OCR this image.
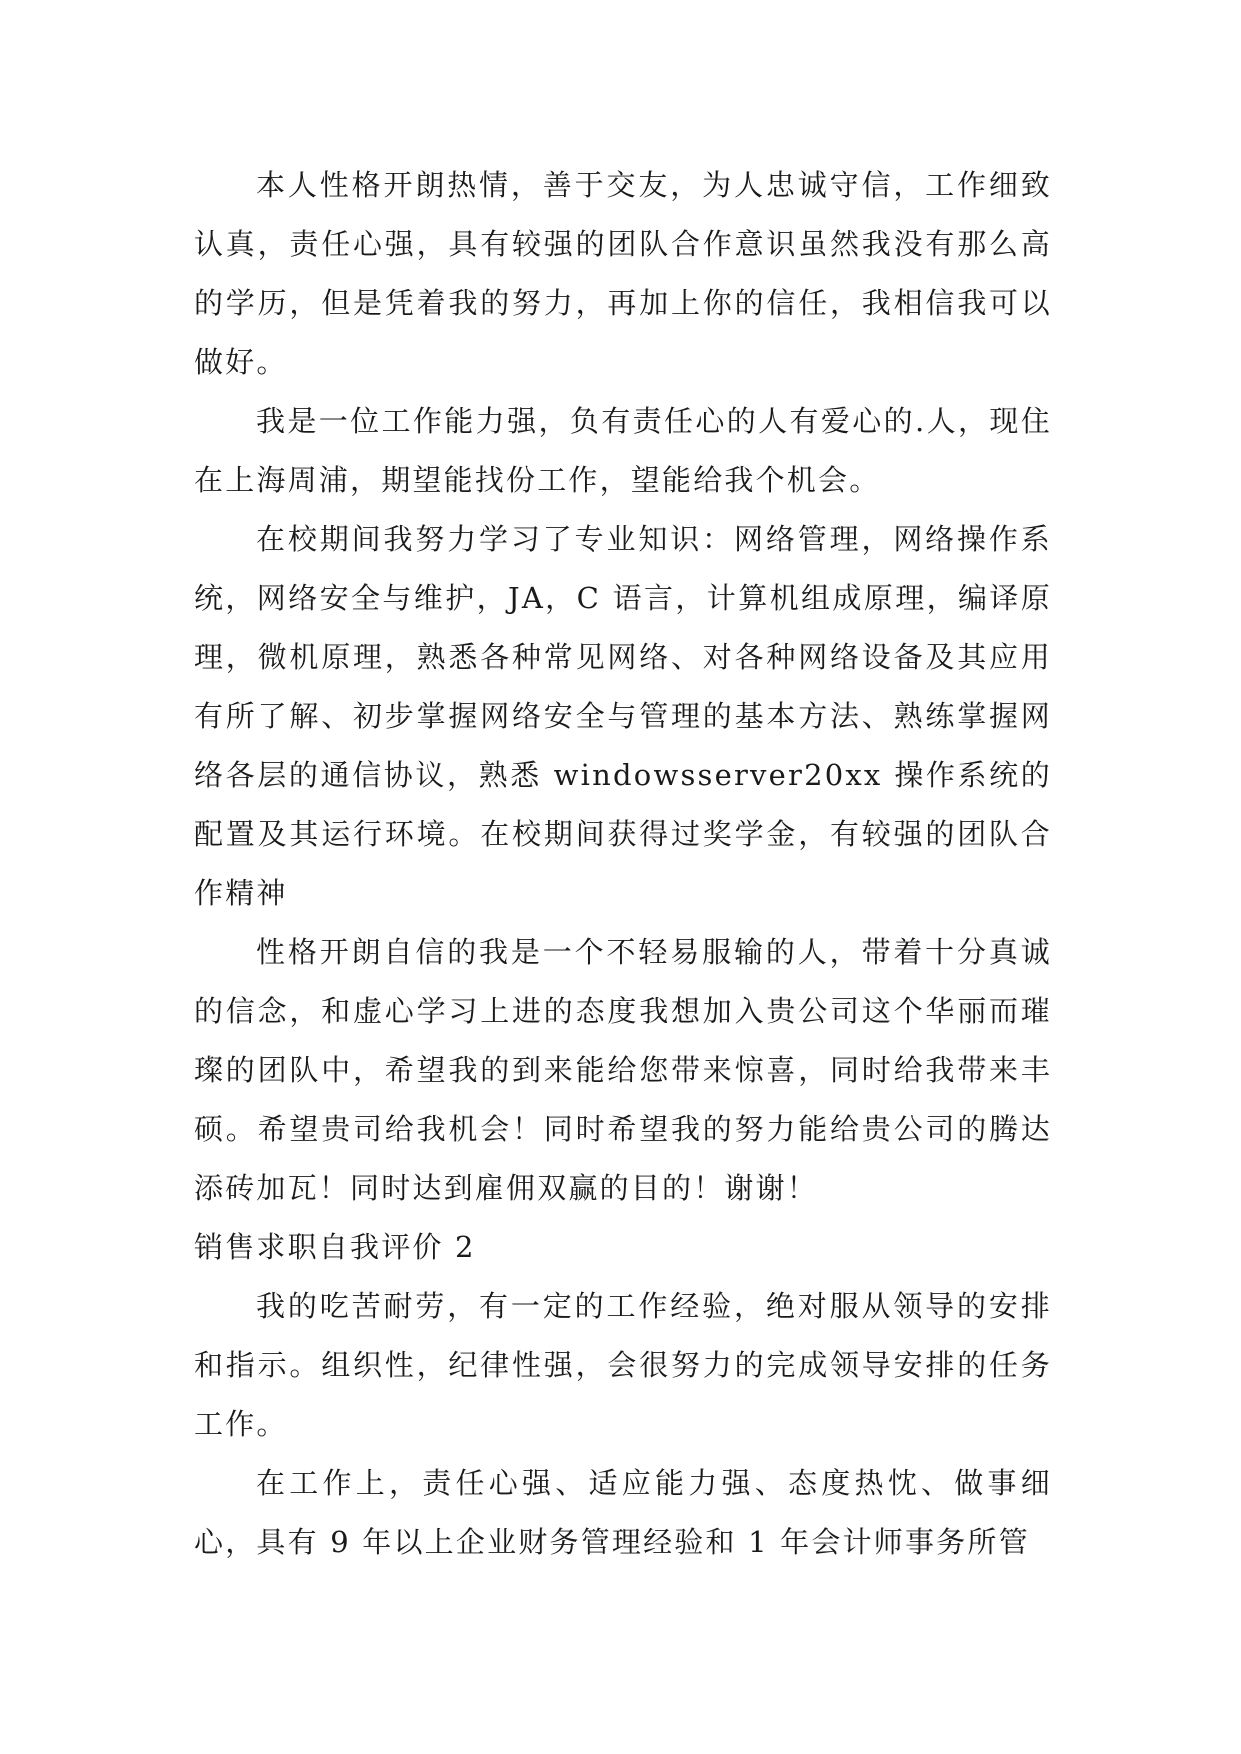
本人性格开朗热情，善于交友，为人忠诚守信，工作细致认真，责任心强，具有较强的团队合作意识虽然我没有那么高的学历，但是凭着我的努力，再加上你的信任，我相信我可以做好。

我是一位工作能力强，负有责任心的人有爱心的.人，现住在上海周浦，期望能找份工作，望能给我个机会。

在校期间我努力学习了专业知识：网络管理，网络操作系统，网络安全与维护，JA，C 语言，计算机组成原理，编译原理，微机原理，熟悉各种常见网络、对各种网络设备及其应用有所了解、初步掌握网络安全与管理的基本方法、熟练掌握网络各层的通信协议，熟悉 windowsserver20xx 操作系统的配置及其运行环境。在校期间获得过奖学金，有较强的团队合作精神

性格开朗自信的我是一个不轻易服输的人，带着十分真诚的信念，和虚心学习上进的态度我想加入贵公司这个华丽而璀璨的团队中，希望我的到来能给您带来惊喜，同时给我带来丰硕。希望贵司给我机会！同时希望我的努力能给贵公司的腾达添砖加瓦！同时达到雇佣双赢的目的！谢谢！

销售求职自我评价 2

我的吃苦耐劳，有一定的工作经验，绝对服从领导的安排和指示。组织性，纪律性强，会很努力的完成领导安排的任务工作。

在工作上，责任心强、适应能力强、态度热忱、做事细心，具有 9 年以上企业财务管理经验和 1 年会计师事务所管
